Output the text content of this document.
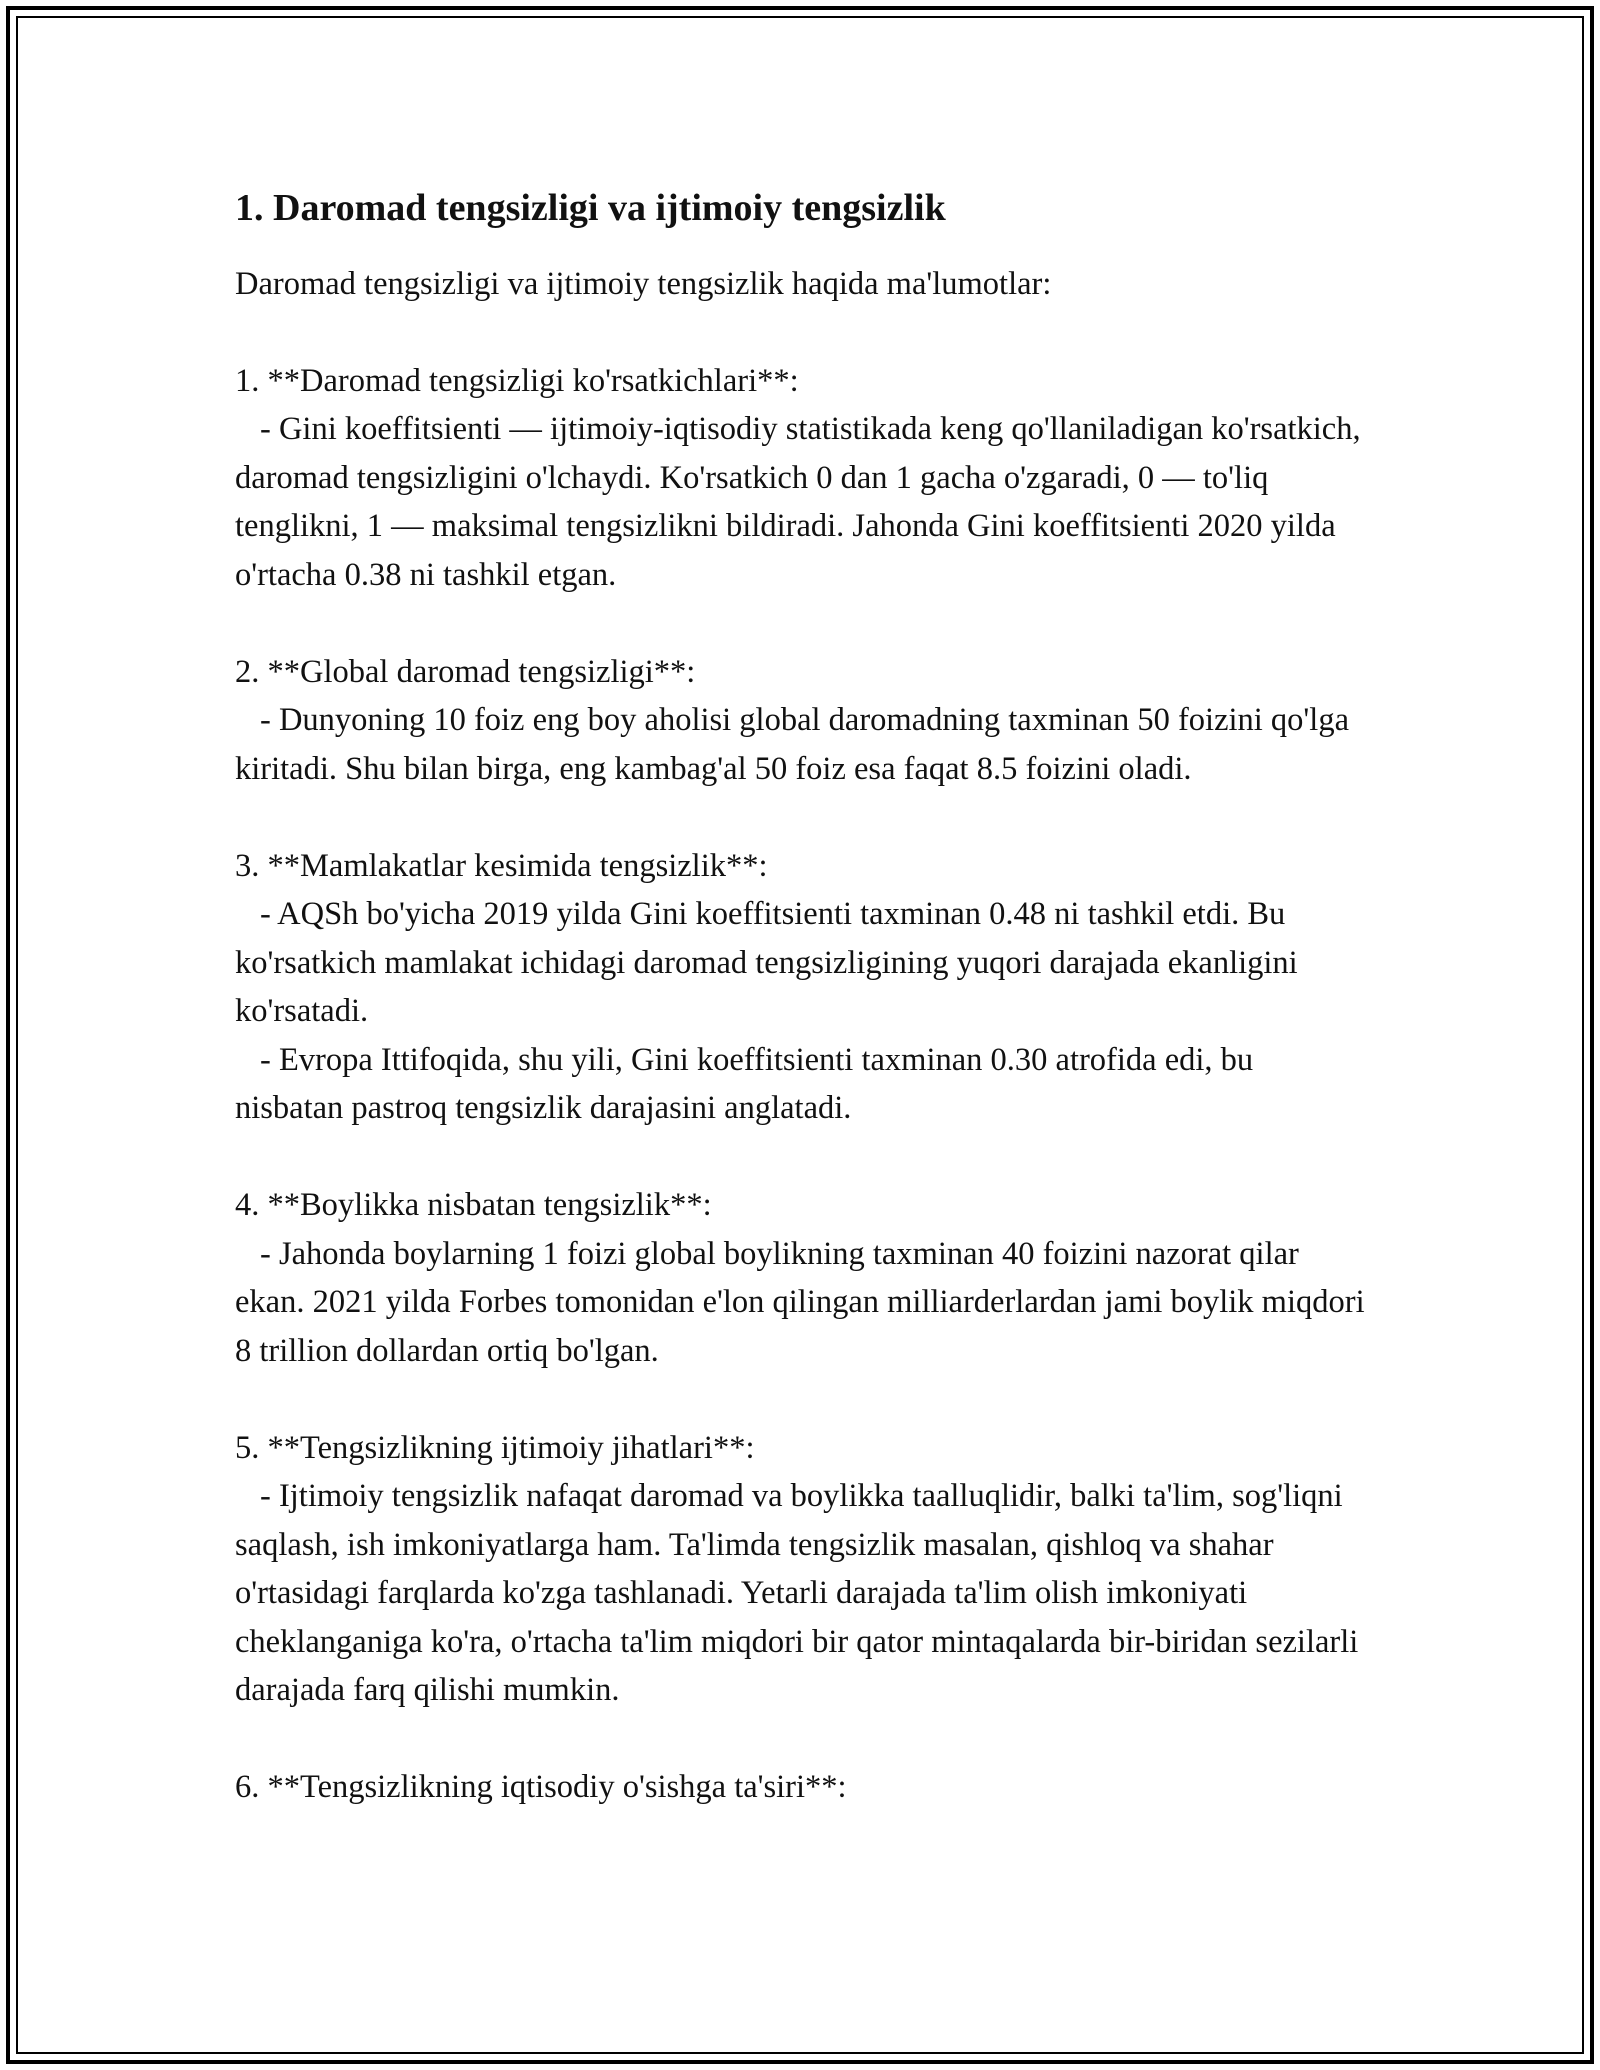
1. Daromad tengsizligi va ijtimoiy tengsizlik

Daromad tengsizligi va ijtimoiy tengsizlik haqida ma'lumotlar:

1. **Daromad tengsizligi ko'rsatkichlari**:

- Gini koeffitsienti — ijtimoiy-iqtisodiy statistikada keng qo'llaniladigan ko'rsatkich, daromad tengsizligini o'lchaydi. Ko'rsatkich 0 dan 1 gacha o'zgaradi, 0 — to'liq tenglikni, 1 — maksimal tengsizlikni bildiradi. Jahonda Gini koeffitsienti 2020 yilda o'rtacha 0.38 ni tashkil etgan.

2. **Global daromad tengsizligi**:

- Dunyoning 10 foiz eng boy aholisi global daromadning taxminan 50 foizini qo'lga kiritadi. Shu bilan birga, eng kambag'al 50 foiz esa faqat 8.5 foizini oladi.

3. **Mamlakatlar kesimida tengsizlik**:

- AQSh bo'yicha 2019 yilda Gini koeffitsienti taxminan 0.48 ni tashkil etdi. Bu ko'rsatkich mamlakat ichidagi daromad tengsizligining yuqori darajada ekanligini ko'rsatadi.

- Evropa Ittifoqida, shu yili, Gini koeffitsienti taxminan 0.30 atrofida edi, bu nisbatan pastroq tengsizlik darajasini anglatadi.

4. **Boylikka nisbatan tengsizlik**:

- Jahonda boylarning 1 foizi global boylikning taxminan 40 foizini nazorat qilar ekan. 2021 yilda Forbes tomonidan e'lon qilingan milliarderlardan jami boylik miqdori 8 trillion dollardan ortiq bo'lgan.

5. **Tengsizlikning ijtimoiy jihatlari**:

- Ijtimoiy tengsizlik nafaqat daromad va boylikka taalluqlidir, balki ta'lim, sog'liqni saqlash, ish imkoniyatlarga ham. Ta'limda tengsizlik masalan, qishloq va shahar o'rtasidagi farqlarda ko'zga tashlanadi. Yetarli darajada ta'lim olish imkoniyati cheklanganiga ko'ra, o'rtacha ta'lim miqdori bir qator mintaqalarda bir-biridan sezilarli darajada farq qilishi mumkin.

6. **Tengsizlikning iqtisodiy o'sishga ta'siri**:
